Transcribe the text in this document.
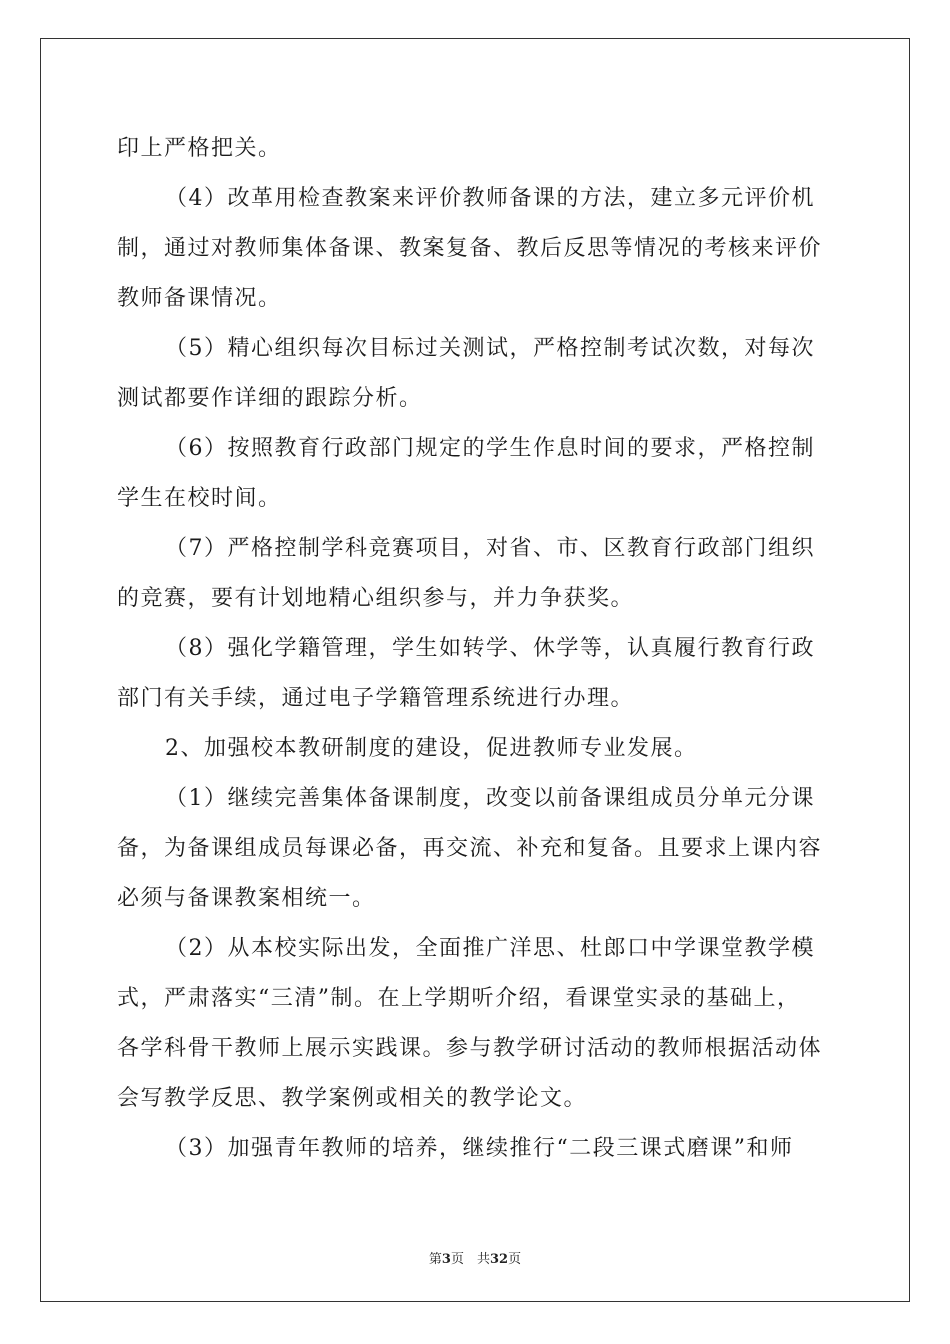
印上严格把关。
（4）改革用检查教案来评价教师备课的方法，建立多元评价机
制，通过对教师集体备课、教案复备、教后反思等情况的考核来评价
教师备课情况。
（5）精心组织每次目标过关测试，严格控制考试次数，对每次
测试都要作详细的跟踪分析。
（6）按照教育行政部门规定的学生作息时间的要求，严格控制
学生在校时间。
（7）严格控制学科竞赛项目，对省、市、区教育行政部门组织
的竞赛，要有计划地精心组织参与，并力争获奖。
（8）强化学籍管理，学生如转学、休学等，认真履行教育行政
部门有关手续，通过电子学籍管理系统进行办理。
2、加强校本教研制度的建设，促进教师专业发展。
（1）继续完善集体备课制度，改变以前备课组成员分单元分课
备，为备课组成员每课必备，再交流、补充和复备。且要求上课内容
必须与备课教案相统一。
（2）从本校实际出发，全面推广洋思、杜郎口中学课堂教学模
式，严肃落实“三清”制。在上学期听介绍，看课堂实录的基础上，
各学科骨干教师上展示实践课。参与教学研讨活动的教师根据活动体
会写教学反思、教学案例或相关的教学论文。
（3）加强青年教师的培养，继续推行“二段三课式磨课”和师
第3页　共32页
